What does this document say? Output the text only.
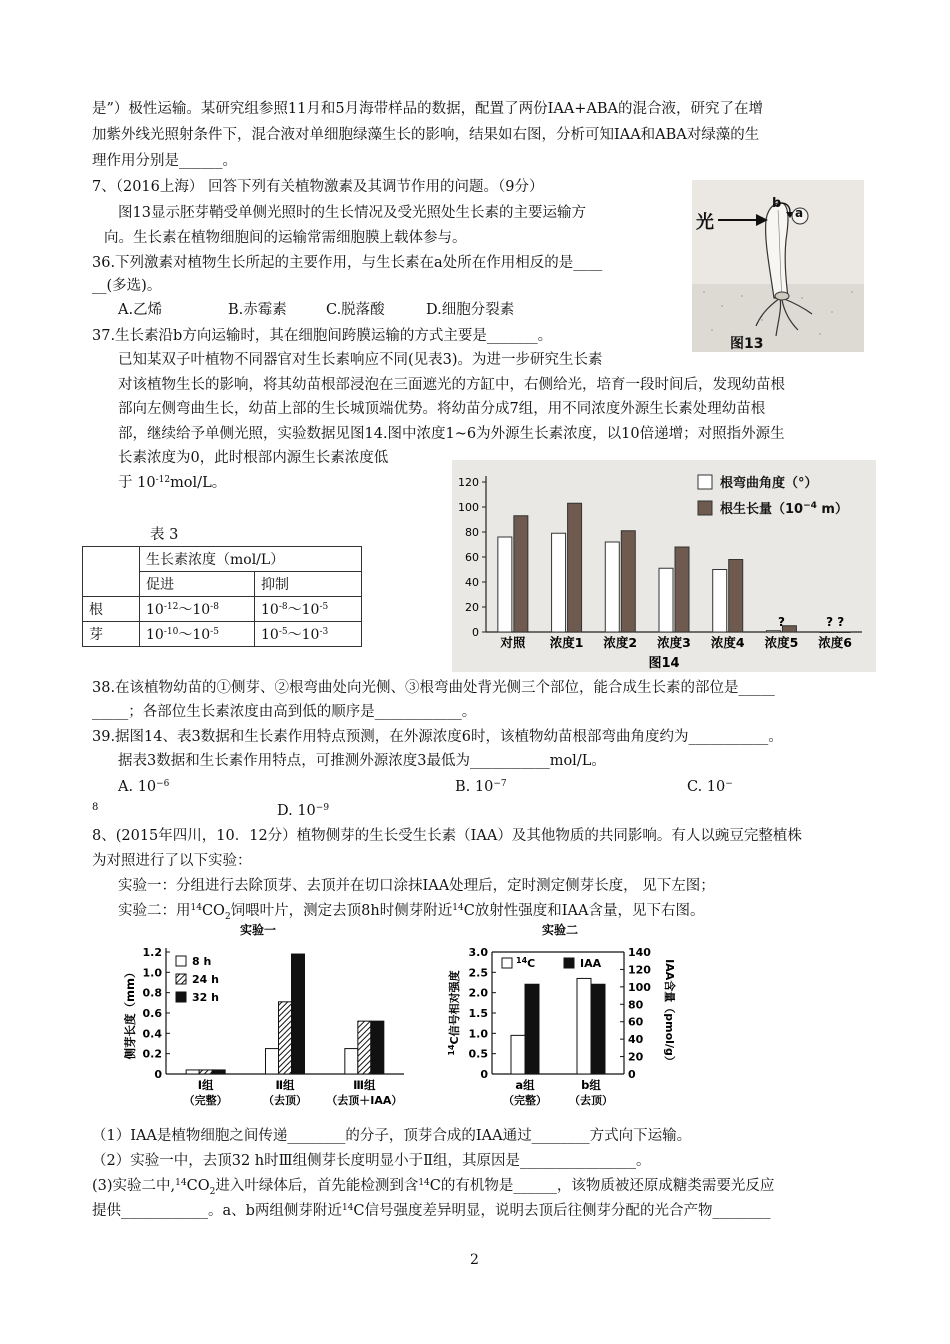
是”）极性运输。某研究组参照11月和5月海带样品的数据，配置了两份IAA+ABA的混合液，研究了在增
加紫外线光照射条件下，混合液对单细胞绿藻生长的影响，结果如右图，分析可知IAA和ABA对绿藻的生
理作用分别是______。
7、（2016上海） 回答下列有关植物激素及其调节作用的问题。（9分）
图13显示胚芽鞘受单侧光照时的生长情况及受光照处生长素的主要运输方
向。生长素在植物细胞间的运输常需细胞膜上载体参与。
36.下列激素对植物生长所起的主要作用，与生长素在a处所在作用相反的是____
__(多选)。
A.乙烯	B.赤霉素	C.脱落酸	D.细胞分裂素
37.生长素沿b方向运输时，其在细胞间跨膜运输的方式主要是_______。
已知某双子叶植物不同器官对生长素响应不同(见表3)。为进一步研究生长素
对该植物生长的影响，将其幼苗根部浸泡在三面遮光的方缸中，右侧给光，培育一段时间后，发现幼苗根
部向左侧弯曲生长，幼苗上部的生长城顶端优势。将幼苗分成7组，用不同浓度外源生长素处理幼苗根
部，继续给予单侧光照，实验数据见图14.图中浓度1~6为外源生长素浓度，以10倍递增；对照指外源生
长素浓度为0，此时根部内源生长素浓度低
于 $10^{-12}mol/L$。
光
b
a
图13
表 3
	生长素浓度（mol/L）	
	促进	抑制
根	$10^{-12}\sim 10^{-8}$	$10^{-8}\sim 10^{-5}$
芽	$10^{-10}\sim 10^{-5}$	$10^{-5}\sim 10^{-3}$	0
20
40
60
80
100
120
对照 浓度1 浓度2 浓度3 浓度4 浓度5 浓度6
?	? ?
图14
根弯曲角度（°）
根生长量（$10^{-4}$ m）
38.在该植物幼苗的①侧芽、②根弯曲处向光侧、③根弯曲处背光侧三个部位，能合成生长素的部位是_____
_____；各部位生长素浓度由高到低的顺序是____________。
39.据图14、表3数据和生长素作用特点预测，在外源浓度6时，该植物幼苗根部弯曲角度约为___________。
据表3数据和生长素作用特点，可推测外源浓度3最低为___________mol/L。
A. $10^{-6}$	B. $10^{-7}$	C. 10−
8	D. $10^{-9}$
8、(2015年四川，10．12分）植物侧芽的生长受生长素（IAA）及其他物质的共同影响。有人以豌豆完整植株
为对照进行了以下实验：
实验一：分组进行去除顶芽、去顶并在切口涂抹IAA处理后，定时测定侧芽长度， 见下左图；
实验二：用$^{14}CO_2$饲喂叶片，测定去顶8h时侧芽附近$^{14}$C放射性强度和IAA含量，见下右图。
实验一
0
0.2
0.4
0.6
0.8
1.0
1.2
侧芽长度（mm）
Ⅰ组
（完整）
Ⅱ组
（去顶）
Ⅲ组
（去顶＋IAA）
8 h
24 h
32 h
实验二
0
0.5
1.0
1.5
2.0
2.5
3.0
0
20
40
60
80
100
120
140
$^{14}$C信号相对强度	IAA含量（pmol/g）
a组
（完整）
b组
（去顶）
$^{14}$C	IAA
（1）IAA是植物细胞之间传递________的分子，顶芽合成的IAA通过________方式向下运输。
（2）实验一中，去顶32 h时Ⅲ组侧芽长度明显小于Ⅱ组，其原因是________________。
(3)实验二中$,^{14}CO_2$进入叶绿体后，首先能检测到含$^{14}$C的有机物是______，该物质被还原成糖类需要光反应
提供____________。a、b两组侧芽附近$^{14}$C信号强度差异明显，说明去顶后往侧芽分配的光合产物________
2
